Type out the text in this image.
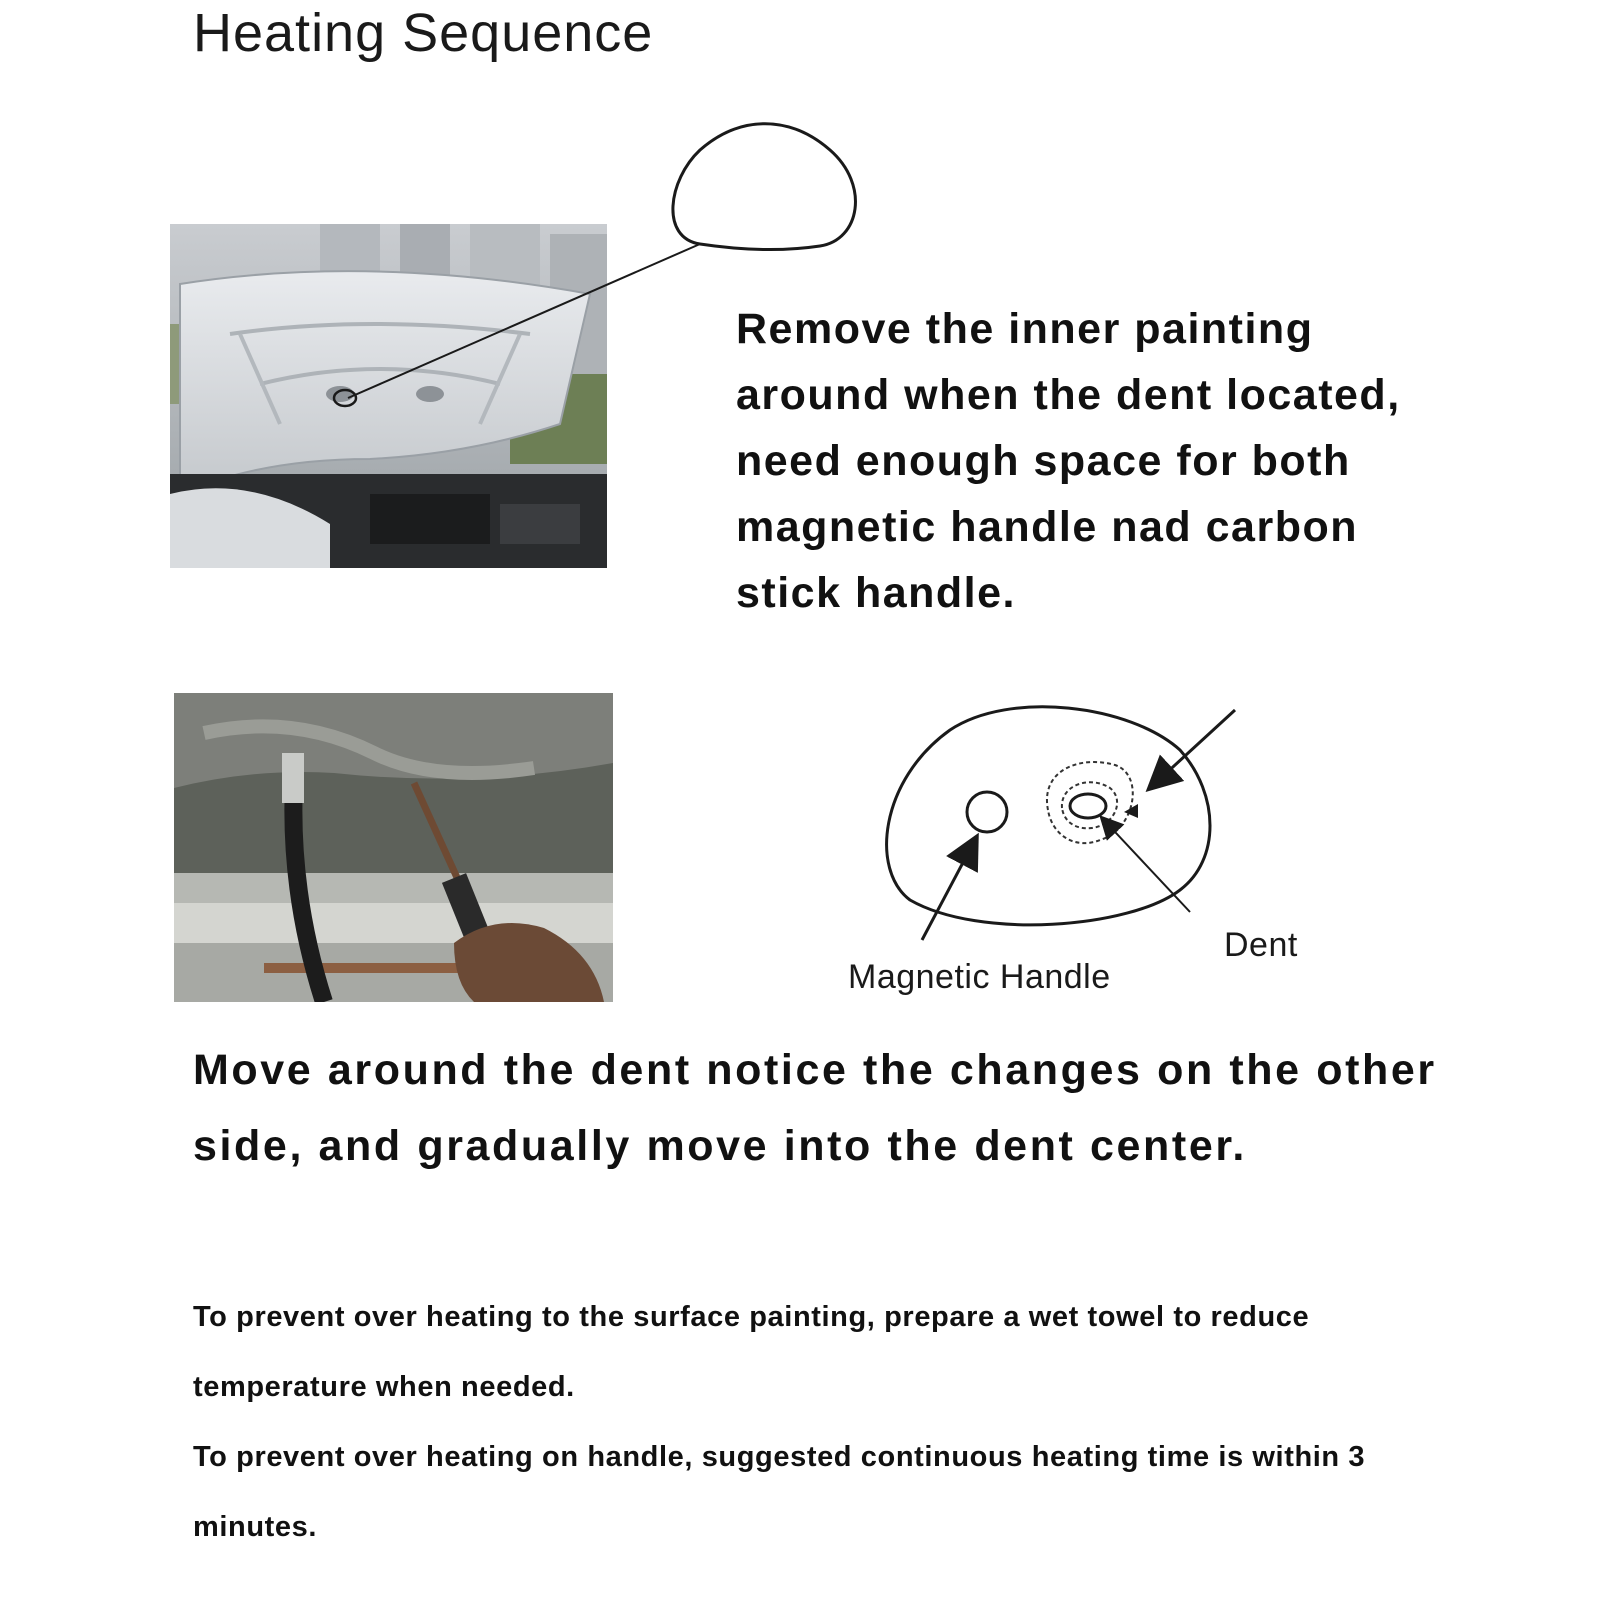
Heating Sequence

Remove the inner painting around when the dent located, need enough space for both magnetic handle nad carbon stick handle.

Dent
Magnetic Handle

Move around the dent notice the changes on the other side, and gradually move into the dent center.

To prevent over heating to the surface painting, prepare a wet towel to reduce temperature when needed.

To prevent over heating on handle, suggested continuous heating time is within 3 minutes.
